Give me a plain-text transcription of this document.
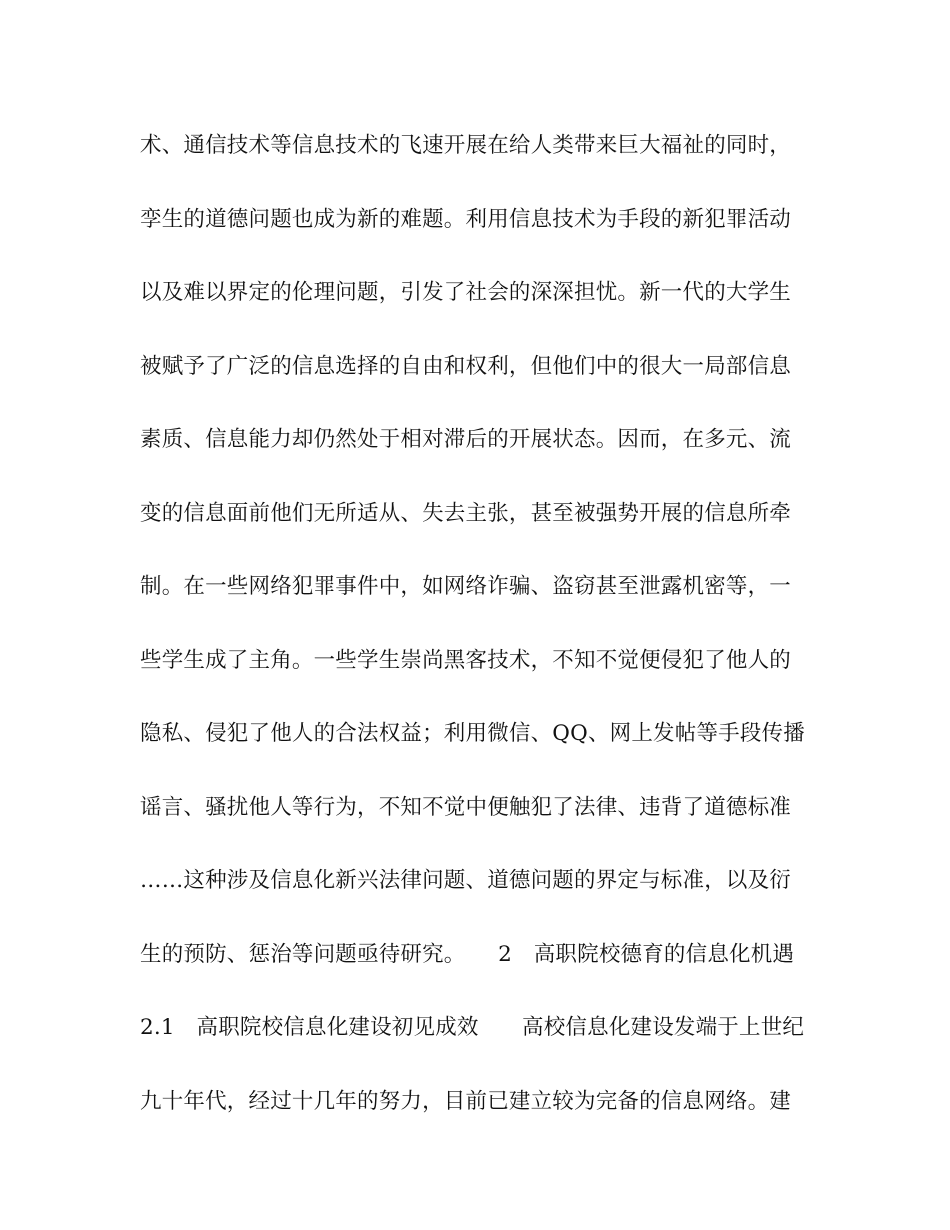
术、通信技术等信息技术的飞速开展在给人类带来巨大福祉的同时，
孪生的道德问题也成为新的难题。利用信息技术为手段的新犯罪活动
以及难以界定的伦理问题，引发了社会的深深担忧。新一代的大学生
被赋予了广泛的信息选择的自由和权利，但他们中的很大一局部信息
素质、信息能力却仍然处于相对滞后的开展状态。因而，在多元、流
变的信息面前他们无所适从、失去主张，甚至被强势开展的信息所牵
制。在一些网络犯罪事件中，如网络诈骗、盗窃甚至泄露机密等，一
些学生成了主角。一些学生崇尚黑客技术，不知不觉便侵犯了他人的
隐私、侵犯了他人的合法权益；利用微信、QQ、网上发帖等手段传播
谣言、骚扰他人等行为，不知不觉中便触犯了法律、违背了道德标准
……这种涉及信息化新兴法律问题、道德问题的界定与标准，以及衍
生的预防、惩治等问题亟待研究。　　2　高职院校德育的信息化机遇
2.1　高职院校信息化建设初见成效　　高校信息化建设发端于上世纪
九十年代，经过十几年的努力，目前已建立较为完备的信息网络。建
